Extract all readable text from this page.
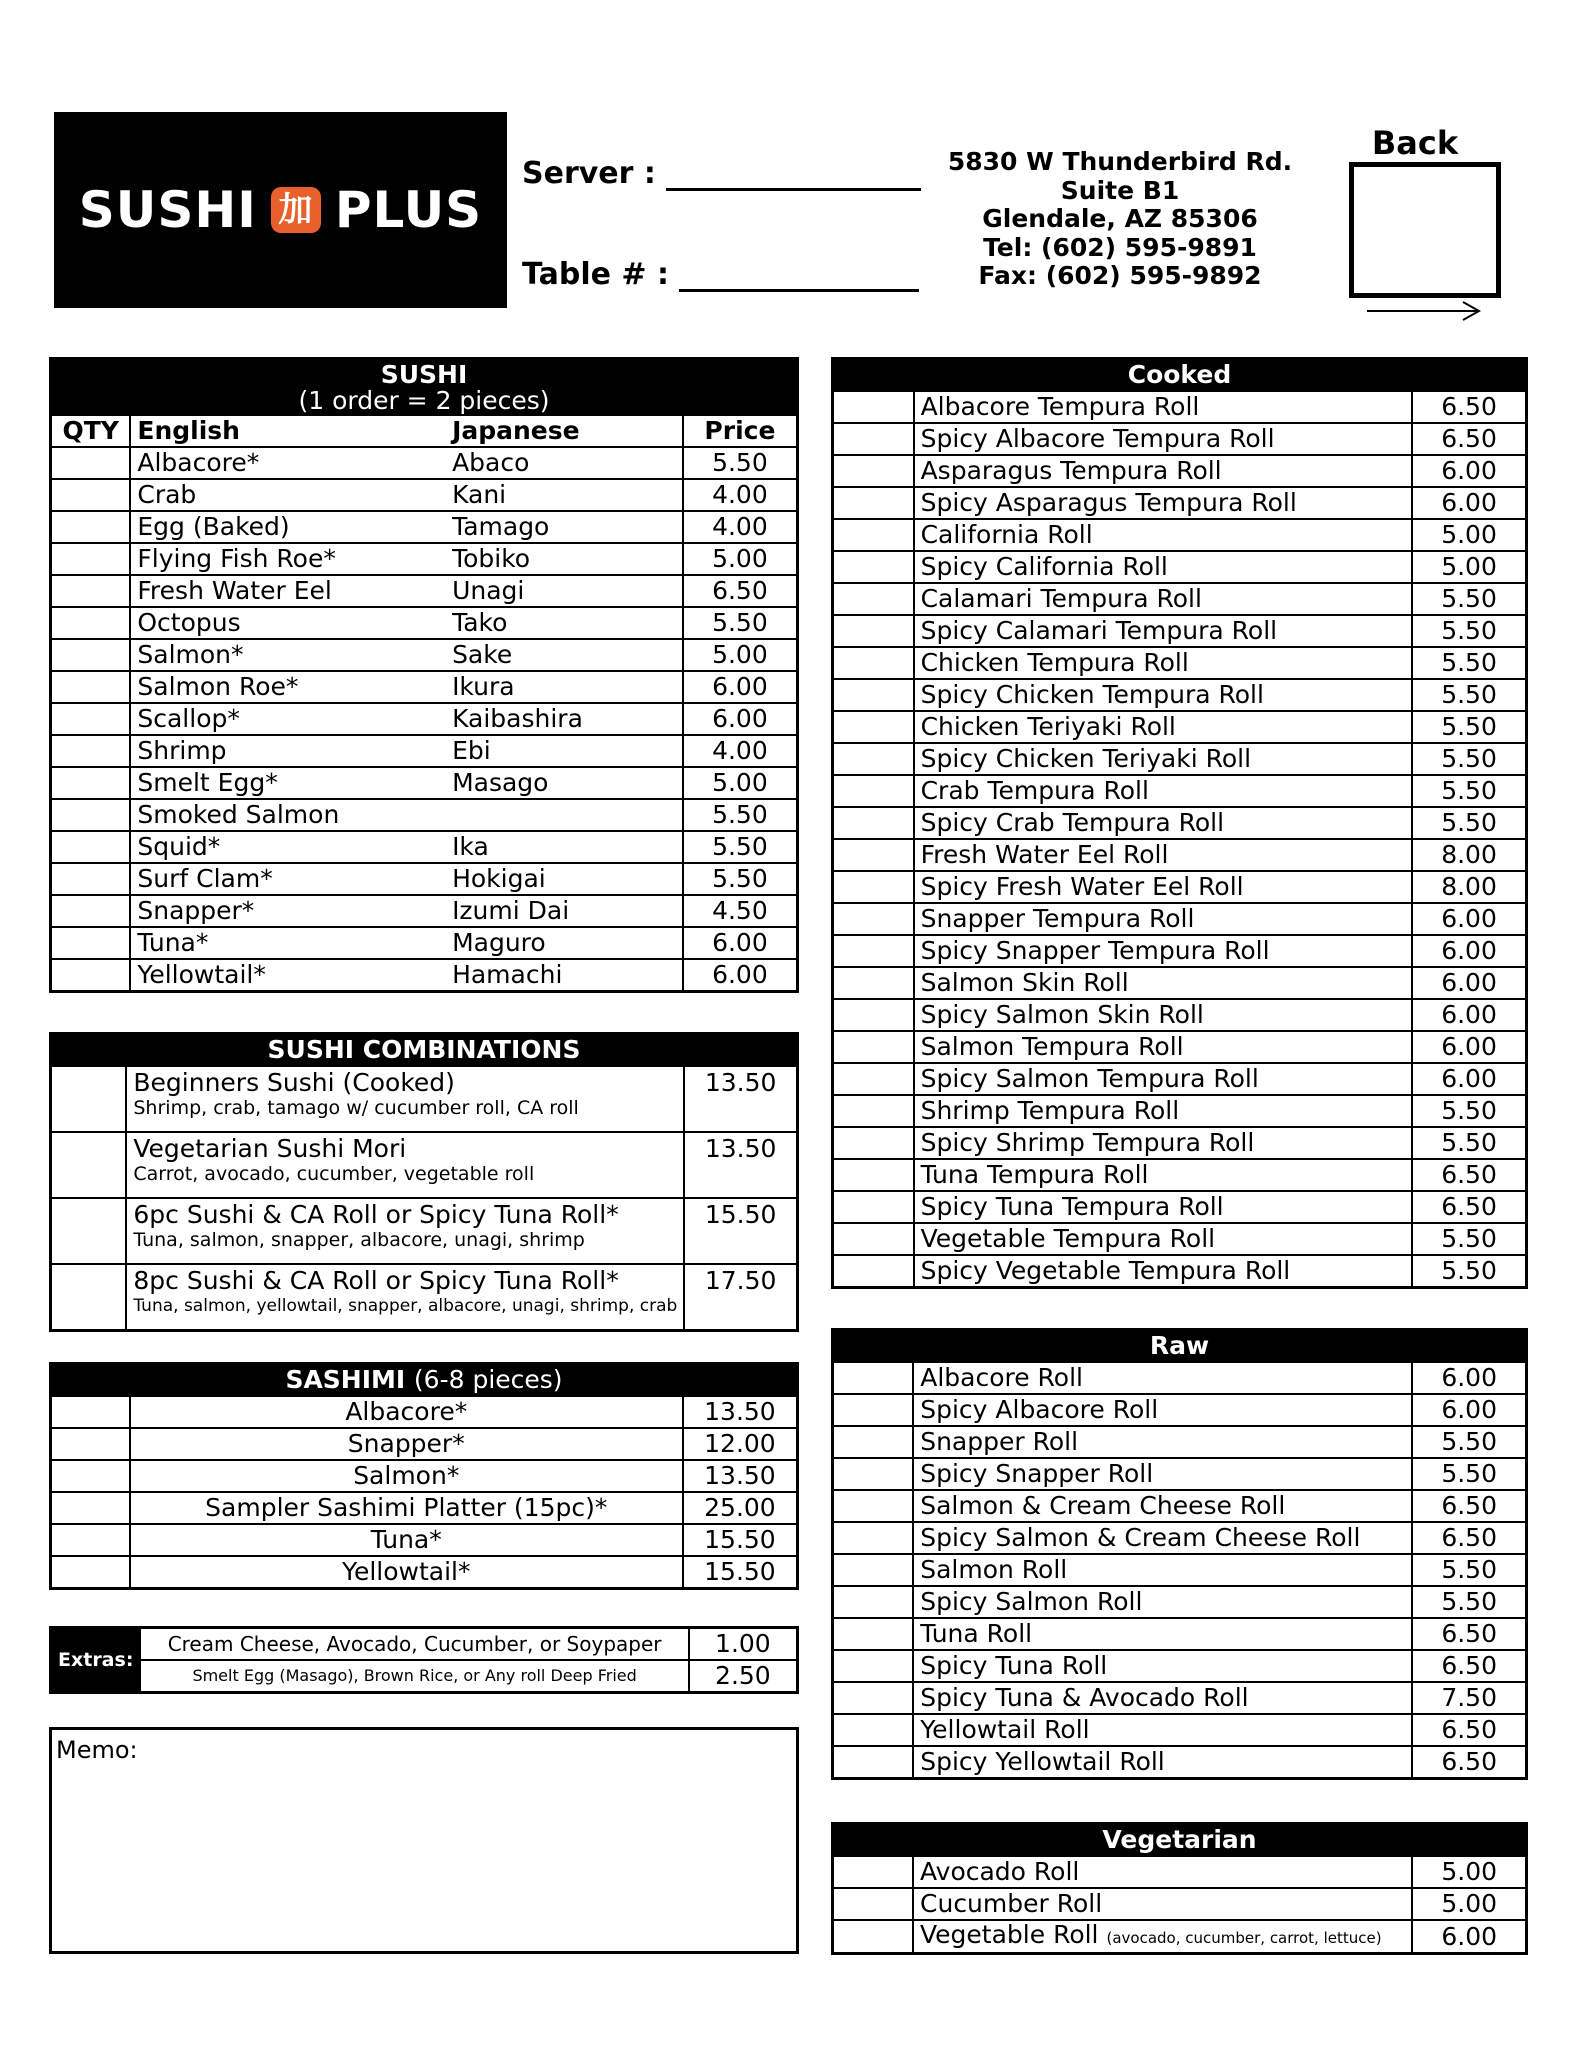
SUSHI 加 PLUS
Server :
Table # :
5830 W Thunderbird Rd.
Suite B1
Glendale, AZ 85306
Tel: (602) 595-9891
Fax: (602) 595-9892
Back
SUSHI
(1 order = 2 pieces)			

QTY	English	Japanese	Price
	Albacore*	Abaco	5.50
	Crab	Kani	4.00
	Egg (Baked)	Tamago	4.00
	Flying Fish Roe*	Tobiko	5.00
	Fresh Water Eel	Unagi	6.50
	Octopus	Tako	5.50
	Salmon*	Sake	5.00
	Salmon Roe*	Ikura	6.00
	Scallop*	Kaibashira	6.00
	Shrimp	Ebi	4.00
	Smelt Egg*	Masago	5.00
	Smoked Salmon		5.50
	Squid*	Ika	5.50
	Surf Clam*	Hokigai	5.50
	Snapper*	Izumi Dai	4.50
	Tuna*	Maguro	6.00
	Yellowtail*	Hamachi	6.00
SUSHI COMBINATIONS		

	Beginners Sushi (Cooked)
Shrimp, crab, tamago w/ cucumber roll, CA roll	13.50

	Vegetarian Sushi Mori
Carrot, avocado, cucumber, vegetable roll	13.50

	6pc Sushi & CA Roll or Spicy Tuna Roll*
Tuna, salmon, snapper, albacore, unagi, shrimp	15.50

	8pc Sushi & CA Roll or Spicy Tuna Roll*
Tuna, salmon, yellowtail, snapper, albacore, unagi, shrimp, crab	17.50
SASHIMI (6-8 pieces)		
	Albacore*	13.50
	Snapper*	12.00
	Salmon*	13.50
	Sampler Sashimi Platter (15pc)*	25.00
	Tuna*	15.50
	Yellowtail*	15.50
Extras:	Cream Cheese, Avocado, Cucumber, or Soypaper	1.00
	Smelt Egg (Masago), Brown Rice, or Any roll Deep Fried	2.50
Memo:
Cooked		
	Albacore Tempura Roll	6.50
	Spicy Albacore Tempura Roll	6.50
	Asparagus Tempura Roll	6.00
	Spicy Asparagus Tempura Roll	6.00
	California Roll	5.00
	Spicy California Roll	5.00
	Calamari Tempura Roll	5.50
	Spicy Calamari Tempura Roll	5.50
	Chicken Tempura Roll	5.50
	Spicy Chicken Tempura Roll	5.50
	Chicken Teriyaki Roll	5.50
	Spicy Chicken Teriyaki Roll	5.50
	Crab Tempura Roll	5.50
	Spicy Crab Tempura Roll	5.50
	Fresh Water Eel Roll	8.00
	Spicy Fresh Water Eel Roll	8.00
	Snapper Tempura Roll	6.00
	Spicy Snapper Tempura Roll	6.00
	Salmon Skin Roll	6.00
	Spicy Salmon Skin Roll	6.00
	Salmon Tempura Roll	6.00
	Spicy Salmon Tempura Roll	6.00
	Shrimp Tempura Roll	5.50
	Spicy Shrimp Tempura Roll	5.50
	Tuna Tempura Roll	6.50
	Spicy Tuna Tempura Roll	6.50
	Vegetable Tempura Roll	5.50
	Spicy Vegetable Tempura Roll	5.50
Raw		
	Albacore Roll	6.00
	Spicy Albacore Roll	6.00
	Snapper Roll	5.50
	Spicy Snapper Roll	5.50
	Salmon & Cream Cheese Roll	6.50
	Spicy Salmon & Cream Cheese Roll	6.50
	Salmon Roll	5.50
	Spicy Salmon Roll	5.50
	Tuna Roll	6.50
	Spicy Tuna Roll	6.50
	Spicy Tuna & Avocado Roll	7.50
	Yellowtail Roll	6.50
	Spicy Yellowtail Roll	6.50
Vegetarian		
	Avocado Roll	5.00
	Cucumber Roll	5.00
	Vegetable Roll (avocado, cucumber, carrot, lettuce)	6.00
